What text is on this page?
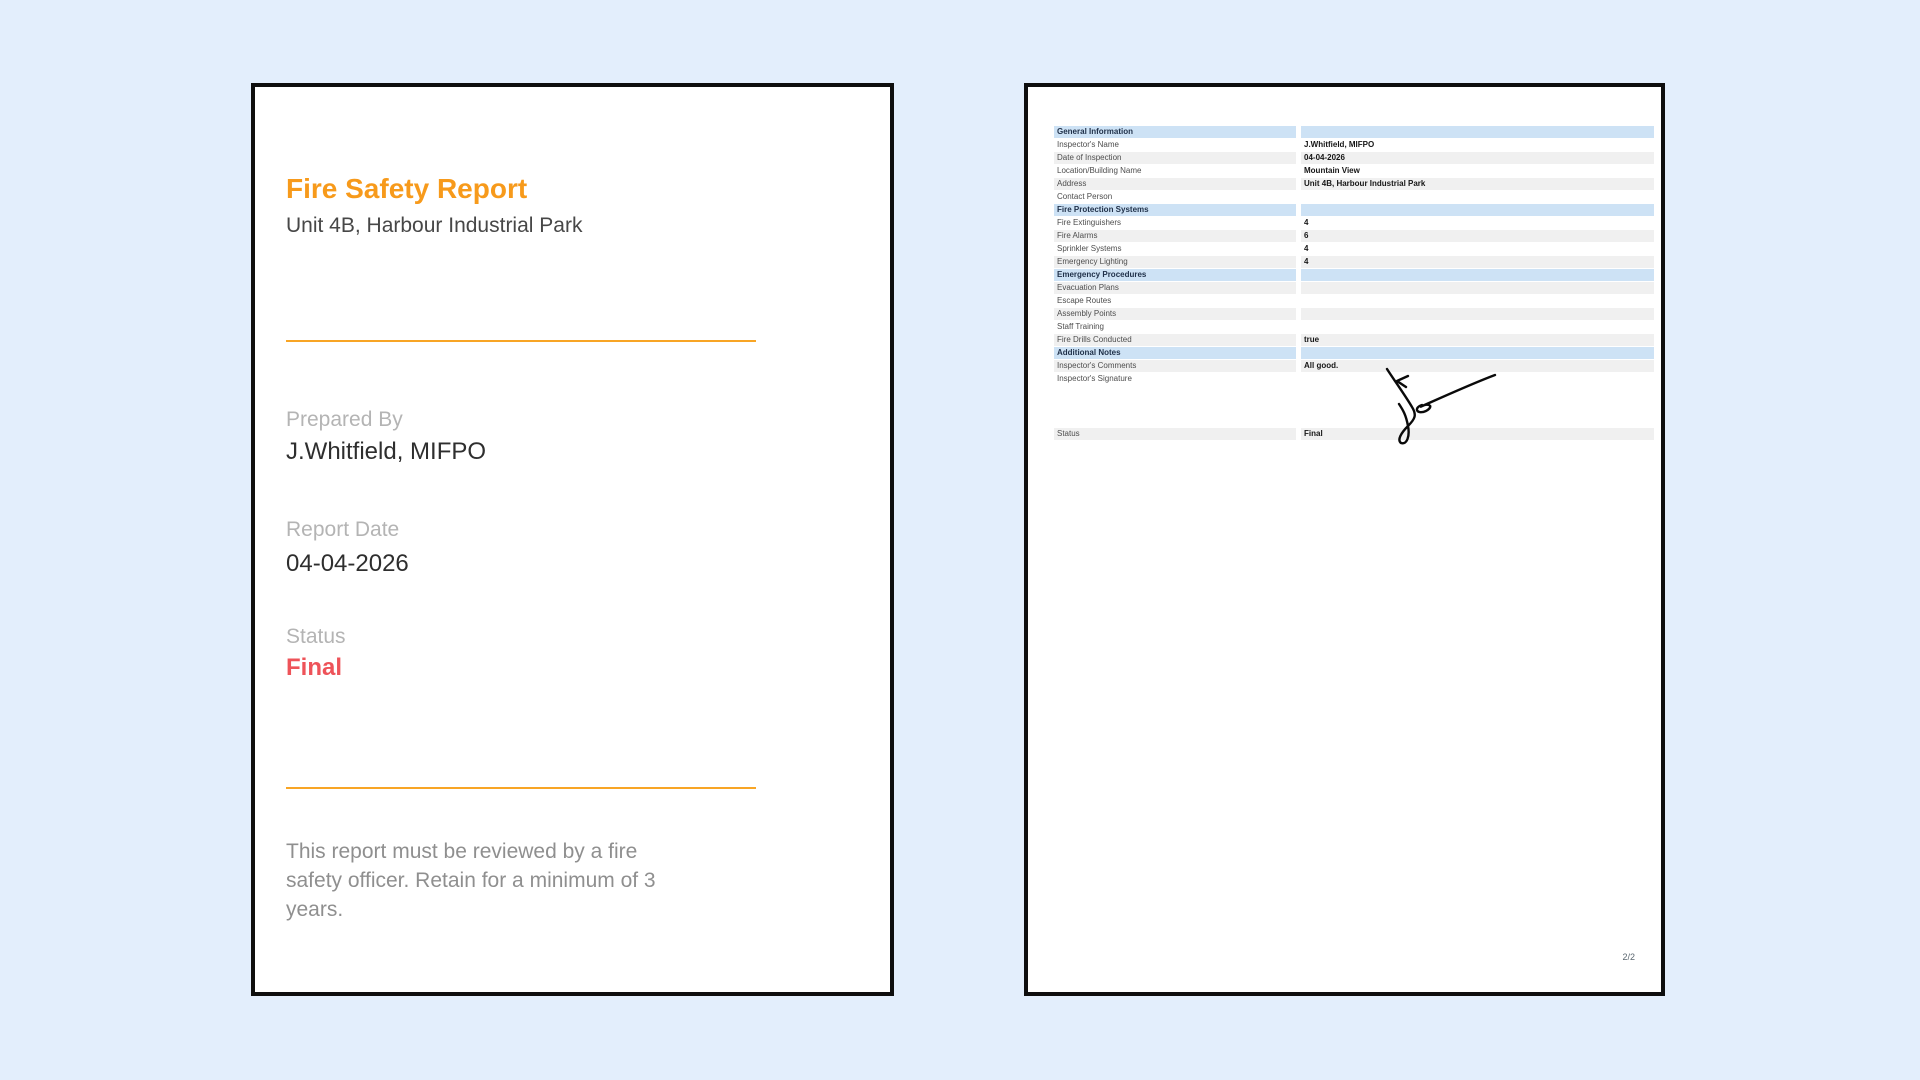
Fire Safety Report
Unit 4B, Harbour Industrial Park
Prepared By
J.Whitfield, MIFPO
Report Date
04-04-2026
Status
Final
This report must be reviewed by a fire safety officer. Retain for a minimum of 3 years.
General Information	
Inspector's Name	J.Whitfield, MIFPO
Date of Inspection	04-04-2026
Location/Building Name	Mountain View
Address	Unit 4B, Harbour Industrial Park
Contact Person	
Fire Protection Systems	
Fire Extinguishers	4
Fire Alarms	6
Sprinkler Systems	4
Emergency Lighting	4
Emergency Procedures	
Evacuation Plans	
Escape Routes	
Assembly Points	
Staff Training	
Fire Drills Conducted	true
Additional Notes	
Inspector's Comments	All good.
Inspector's Signature	
Status	Final
2/2
